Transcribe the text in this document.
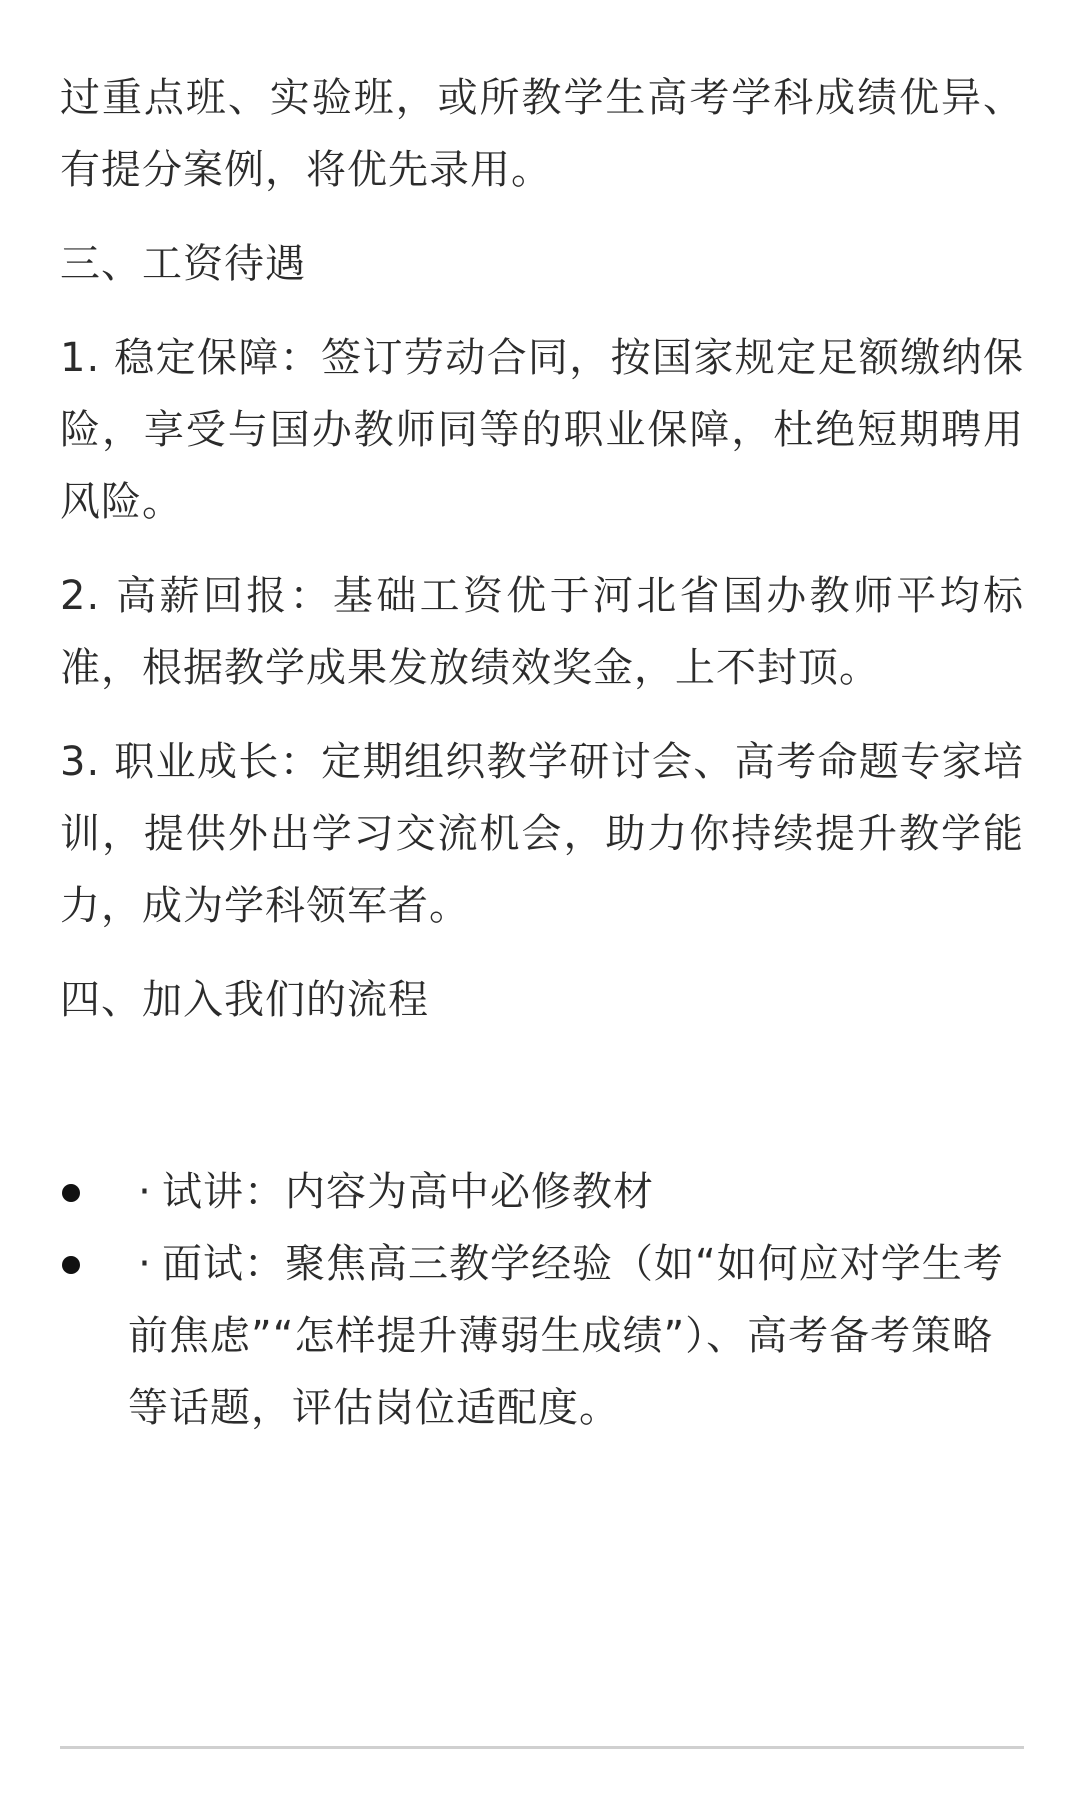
过重点班、实验班，或所教学生高考学科成绩优异、有提分案例，将优先录用。

三、工资待遇

1. 稳定保障：签订劳动合同，按国家规定足额缴纳保险，享受与国办教师同等的职业保障，杜绝短期聘用风险。

2. 高薪回报：基础工资优于河北省国办教师平均标准，根据教学成果发放绩效奖金，上不封顶。

3. 职业成长：定期组织教学研讨会、高考命题专家培训，提供外出学习交流机会，助力你持续提升教学能力，成为学科领军者。

四、加入我们的流程

· 试讲：内容为高中必修教材
· 面试：聚焦高三教学经验（如“如何应对学生考前焦虑”“怎样提升薄弱生成绩”）、高考备考策略等话题，评估岗位适配度。
